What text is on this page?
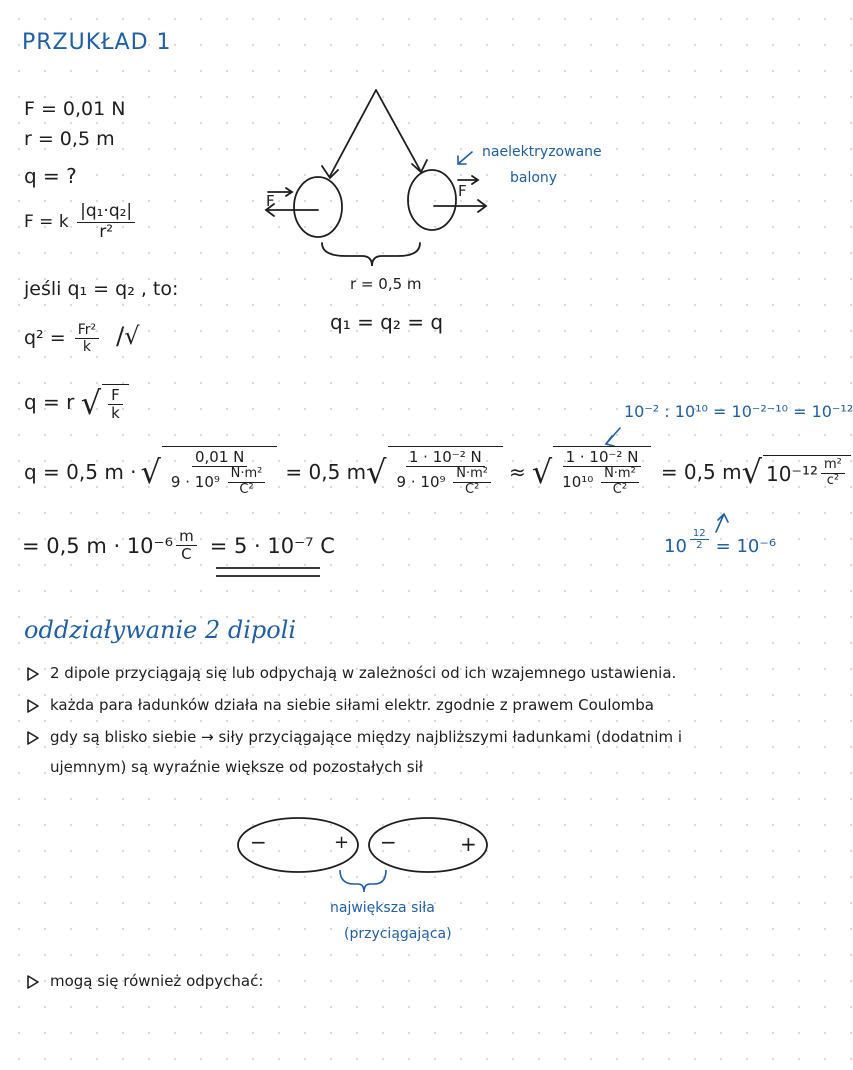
PRZUKŁAD 1
F = 0,01 N
r = 0,5 m
q = ?
F = k $\frac{\text{|q₁·q₂|}}{\text{r²}}$
jeśli q₁ = q₂ , to:
$q^2 = \frac{\text{Fr²}}{k}$ /√
q = r √ $\frac{F}{k}$
F
F
naelektryzowane
balony
r = 0,5 m
q₁ = q₂ = q
10⁻² : 10¹⁰ = 10⁻²⁻¹⁰ = 10⁻¹²
q = 0,5 m · √ $\frac{0,01 N}{9 \cdot 10^9 \frac{\text{N·m²}}{\text{C²}}} = 0,5$ m √ $\frac{\text{1 · 10⁻² N}}{9 \cdot 10^9 \frac{\text{N·m²}}{\text{C²}}}$ ≈ √ $\frac{\text{1 · 10⁻² N}}{10^{10} \frac{\text{N·m²}}{\text{C²}}} = 0,5$ m √ $10^{-12} \frac{\text{m²}}{\text{c²}}$
= 0,5 $m \cdot 10^{-6} \frac{m}{C} = 5 \cdot 10^{-7}$ C	$10 \frac{12}{2} = 10^{-6}$
oddziaływanie 2 dipoli
2 dipole przyciągają się lub odpychają w zależności od ich wzajemnego ustawienia.
każda para ładunków działa na siebie siłami elektr. zgodnie z prawem Coulomba
gdy są blisko siebie → siły przyciągające między najbliższymi ładunkami (dodatnim i
ujemnym) są wyraźnie większe od pozostałych sił
−	+ −	+
największa siła
(przyciągająca)
mogą się również odpychać:
